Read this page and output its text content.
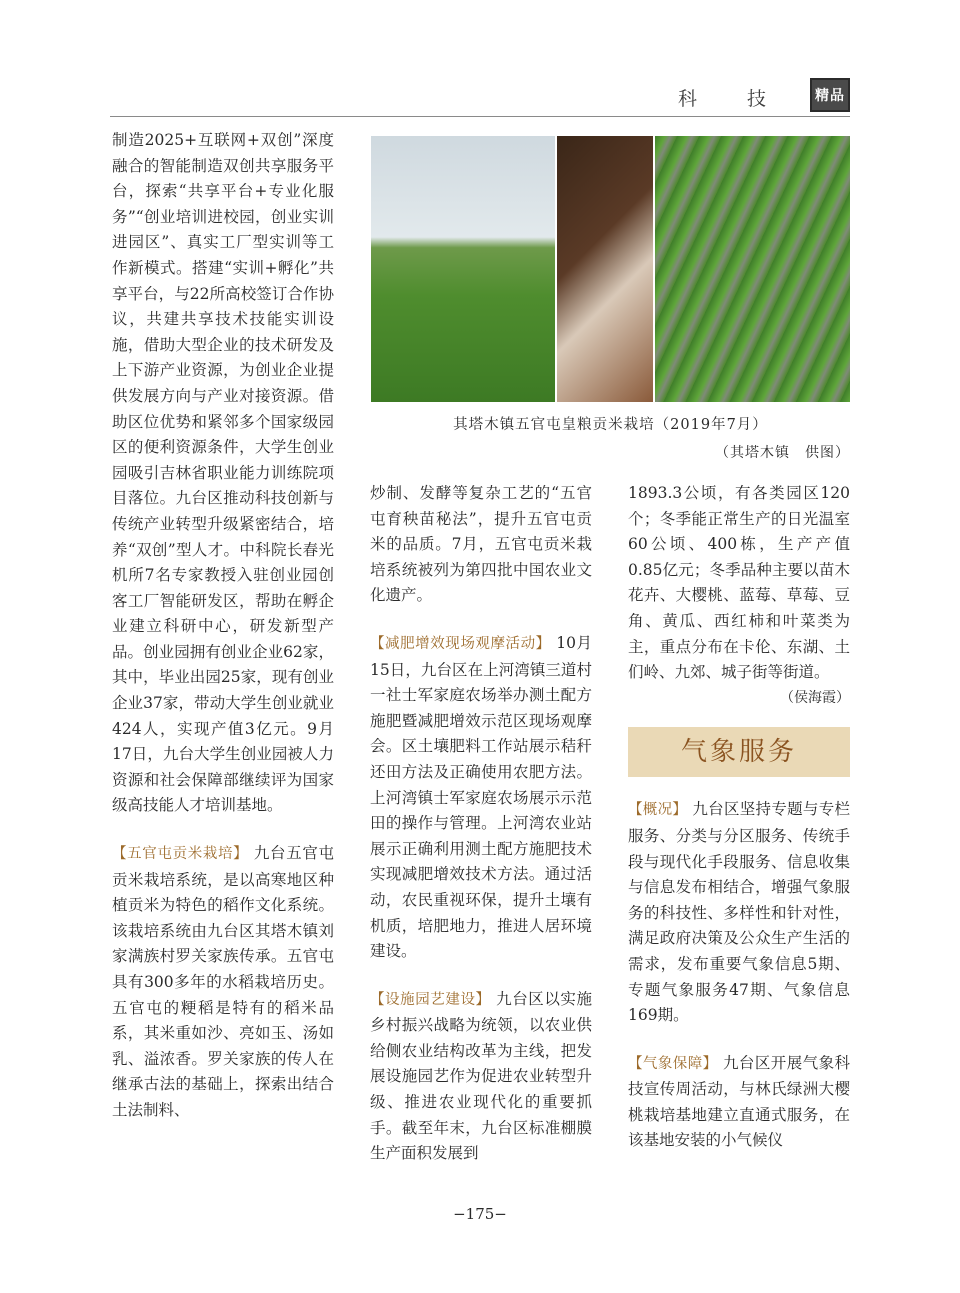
科 技	精品

制造2025+互联网+双创”深度融合的智能制造双创共享服务平台，探索“共享平台+专业化服务”“创业培训进校园，创业实训进园区”、真实工厂型实训等工作新模式。搭建“实训+孵化”共享平台，与22所高校签订合作协议，共建共享技术技能实训设施，借助大型企业的技术研发及上下游产业资源，为创业企业提供发展方向与产业对接资源。借助区位优势和紧邻多个国家级园区的便利资源条件，大学生创业园吸引吉林省职业能力训练院项目落位。九台区推动科技创新与传统产业转型升级紧密结合，培养“双创”型人才。中科院长春光机所7名专家教授入驻创业园创客工厂智能研发区，帮助在孵企业建立科研中心，研发新型产品。创业园拥有创业企业62家，其中，毕业出园25家，现有创业企业37家，带动大学生创业就业424人，实现产值3亿元。9月17日，九台大学生创业园被人力资源和社会保障部继续评为国家级高技能人才培训基地。

【五官屯贡米栽培】 九台五官屯贡米栽培系统，是以高寒地区种植贡米为特色的稻作文化系统。该栽培系统由九台区其塔木镇刘家满族村罗关家族传承。五官屯具有300多年的水稻栽培历史。五官屯的粳稻是特有的稻米品系，其米重如沙、亮如玉、汤如乳、溢浓香。罗关家族的传人在继承古法的基础上，探索出结合土法制料、

其塔木镇五官屯皇粮贡米栽培（2019年7月）
（其塔木镇　供图）

炒制、发酵等复杂工艺的“五官屯育秧苗秘法”，提升五官屯贡米的品质。7月，五官屯贡米栽培系统被列为第四批中国农业文化遗产。

【减肥增效现场观摩活动】 10月15日，九台区在上河湾镇三道村一社士军家庭农场举办测土配方施肥暨减肥增效示范区现场观摩会。区土壤肥料工作站展示秸秆还田方法及正确使用农肥方法。上河湾镇士军家庭农场展示示范田的操作与管理。上河湾农业站展示正确利用测土配方施肥技术实现减肥增效技术方法。通过活动，农民重视环保，提升土壤有机质，培肥地力，推进人居环境建设。

【设施园艺建设】 九台区以实施乡村振兴战略为统领，以农业供给侧农业结构改革为主线，把发展设施园艺作为促进农业转型升级、推进农业现代化的重要抓手。截至年末，九台区标准棚膜生产面积发展到

1893.3公顷，有各类园区120个；冬季能正常生产的日光温室60公顷、400栋，生产产值0.85亿元；冬季品种主要以苗木花卉、大樱桃、蓝莓、草莓、豆角、黄瓜、西红柿和叶菜类为主，重点分布在卡伦、东湖、土们岭、九郊、城子街等街道。

（侯海霞）

气象服务

【概况】 九台区坚持专题与专栏服务、分类与分区服务、传统手段与现代化手段服务、信息收集与信息发布相结合，增强气象服务的科技性、多样性和针对性，满足政府决策及公众生产生活的需求，发布重要气象信息5期、专题气象服务47期、气象信息169期。

【气象保障】 九台区开展气象科技宣传周活动，与林氏绿洲大樱桃栽培基地建立直通式服务，在该基地安装的小气候仪

−175−
